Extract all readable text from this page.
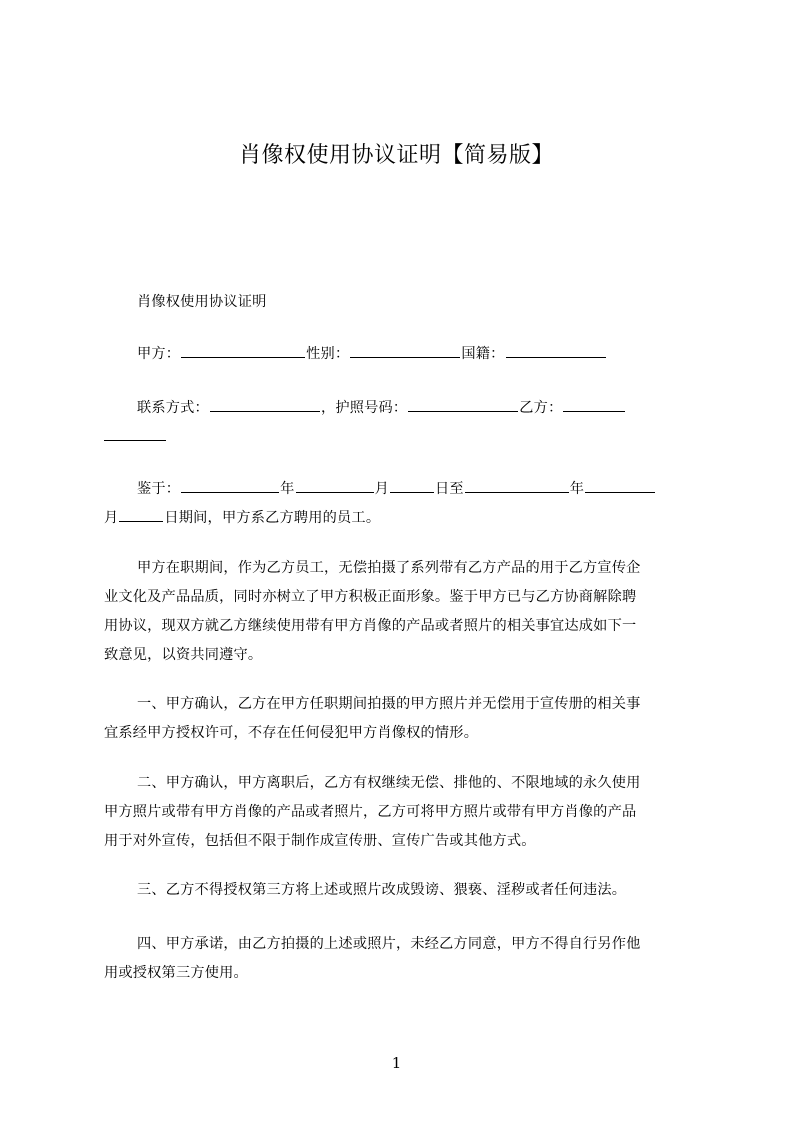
肖像权使用协议证明【简易版】
肖像权使用协议证明
甲方：	性别：	国籍：
联系方式：	，护照号码：	乙方：
鉴于：	年	月	日至	年
月	日期间，甲方系乙方聘用的员工。
甲方在职期间，作为乙方员工，无偿拍摄了系列带有乙方产品的用于乙方宣传企
业文化及产品品质，同时亦树立了甲方积极正面形象。鉴于甲方已与乙方协商解除聘
用协议，现双方就乙方继续使用带有甲方肖像的产品或者照片的相关事宜达成如下一
致意见，以资共同遵守。
一、甲方确认，乙方在甲方任职期间拍摄的甲方照片并无偿用于宣传册的相关事
宜系经甲方授权许可，不存在任何侵犯甲方肖像权的情形。
二、甲方确认，甲方离职后，乙方有权继续无偿、排他的、不限地域的永久使用
甲方照片或带有甲方肖像的产品或者照片，乙方可将甲方照片或带有甲方肖像的产品
用于对外宣传，包括但不限于制作成宣传册、宣传广告或其他方式。
三、乙方不得授权第三方将上述或照片改成毁谤、猥亵、淫秽或者任何违法。
四、甲方承诺，由乙方拍摄的上述或照片，未经乙方同意，甲方不得自行另作他
用或授权第三方使用。
1
